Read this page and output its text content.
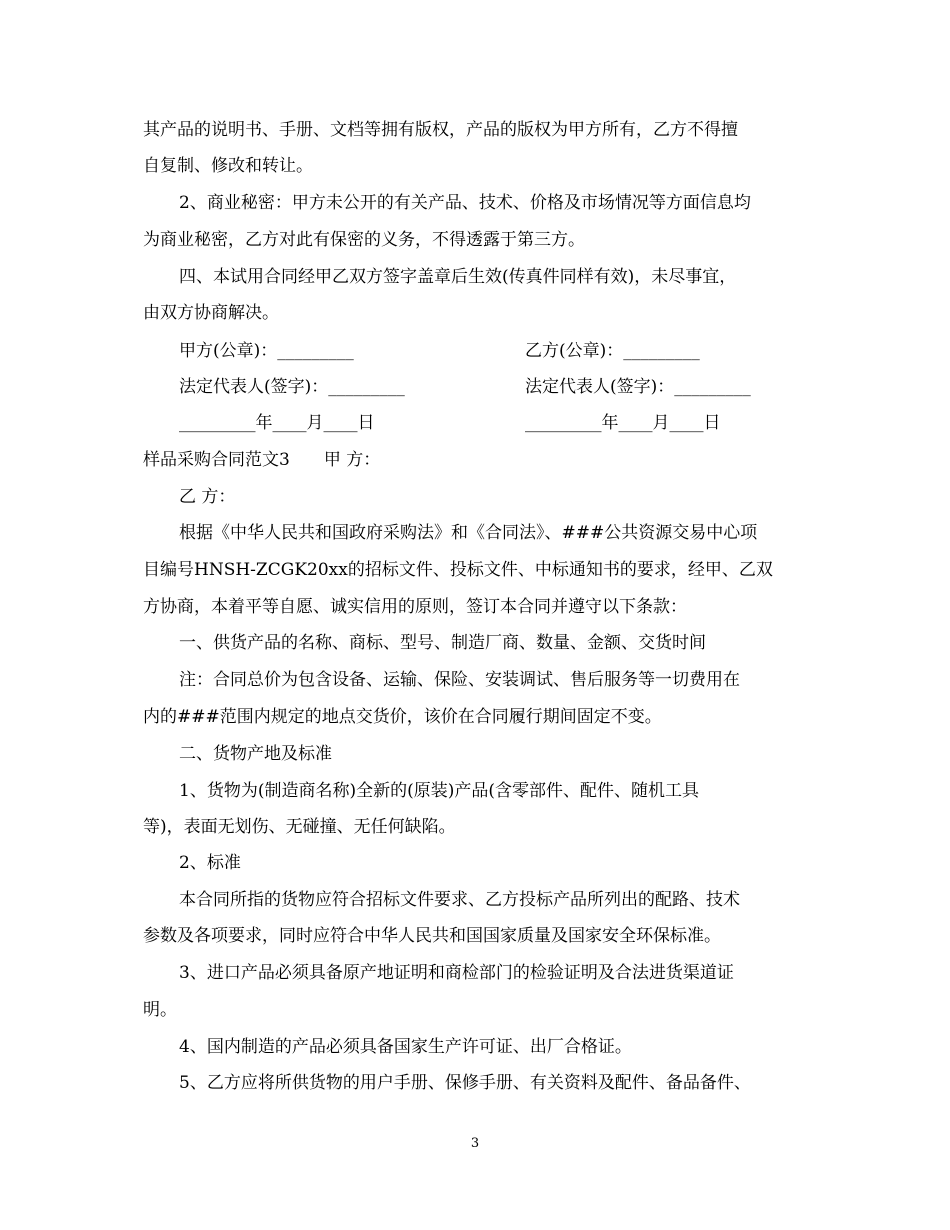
其产品的说明书、手册、文档等拥有版权，产品的版权为甲方所有，乙方不得擅
自复制、修改和转让。
2、商业秘密：甲方未公开的有关产品、技术、价格及市场情况等方面信息均
为商业秘密，乙方对此有保密的义务，不得透露于第三方。
四、本试用合同经甲乙双方签字盖章后生效(传真件同样有效)，未尽事宜，
由双方协商解决。
甲方(公章)：_________	乙方(公章)：_________
法定代表人(签字)：_________	法定代表人(签字)：_________
_________年____月____日	_________年____月____日
样品采购合同范文3　　甲 方：
乙 方：
根据《中华人民共和国政府采购法》和《合同法》、###公共资源交易中心项
目编号HNSH-ZCGK20xx的招标文件、投标文件、中标通知书的要求，经甲、乙双
方协商，本着平等自愿、诚实信用的原则，签订本合同并遵守以下条款：
一、供货产品的名称、商标、型号、制造厂商、数量、金额、交货时间
注：合同总价为包含设备、运输、保险、安装调试、售后服务等一切费用在
内的###范围内规定的地点交货价，该价在合同履行期间固定不变。
二、货物产地及标准
1、货物为(制造商名称)全新的(原装)产品(含零部件、配件、随机工具
等)，表面无划伤、无碰撞、无任何缺陷。
2、标准
本合同所指的货物应符合招标文件要求、乙方投标产品所列出的配路、技术
参数及各项要求，同时应符合中华人民共和国国家质量及国家安全环保标准。
3、进口产品必须具备原产地证明和商检部门的检验证明及合法进货渠道证
明。
4、国内制造的产品必须具备国家生产许可证、出厂合格证。
5、乙方应将所供货物的用户手册、保修手册、有关资料及配件、备品备件、
3
